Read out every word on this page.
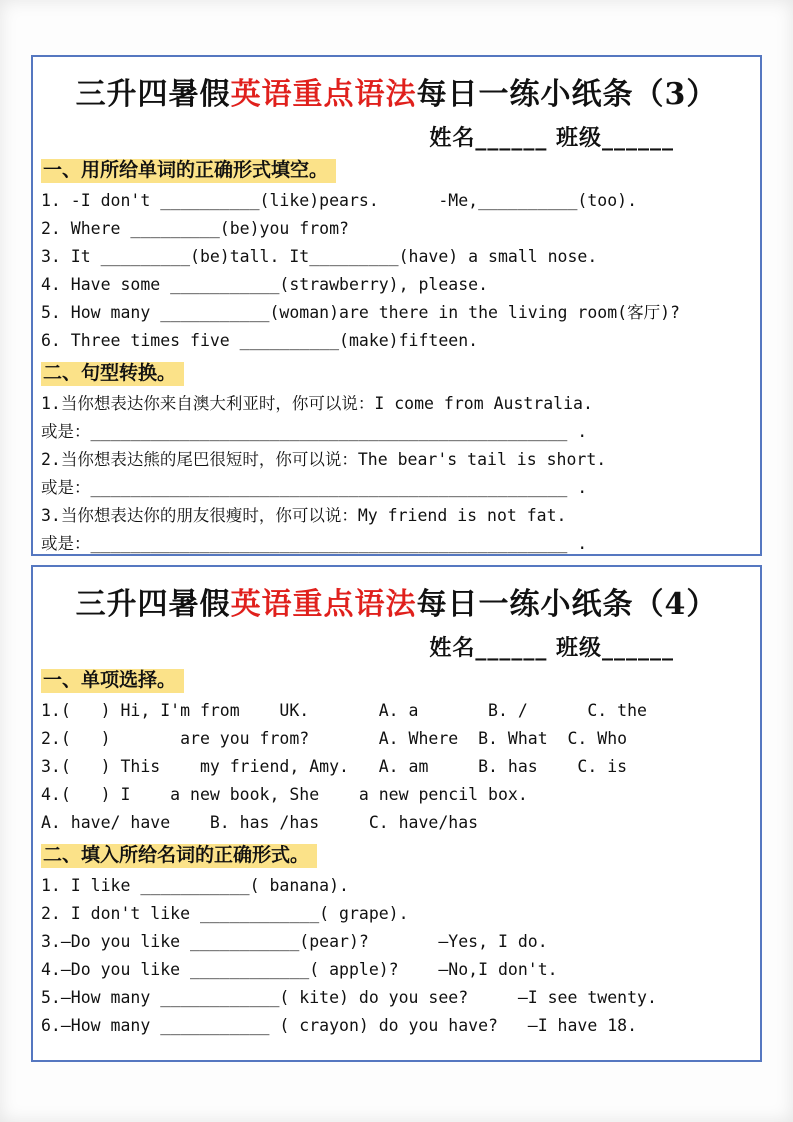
三升四暑假英语重点语法每日一练小纸条（3）
姓名______ 班级______
一、用所给单词的正确形式填空。
1. -I don't __________(like)pears.      -Me,__________(too).
2. Where _________(be)you from?
3. It _________(be)tall. It_________(have) a small nose.
4. Have some ___________(strawberry), please.
5. How many ___________(woman)are there in the living room(客厅)?
6. Three times five __________(make)fifteen.
二、句型转换。
1.当你想表达你来自澳大利亚时，你可以说：I come from Australia.
或是：________________________________________________ .
2.当你想表达熊的尾巴很短时，你可以说：The bear's tail is short.
或是：________________________________________________ .
3.当你想表达你的朋友很瘦时，你可以说：My friend is not fat.
或是：________________________________________________ .
三升四暑假英语重点语法每日一练小纸条（4）
姓名______ 班级______
一、单项选择。
1.(   ) Hi, I'm from    UK.       A. a       B. /      C. the
2.(   )       are you from?       A. Where  B. What  C. Who
3.(   ) This    my friend, Amy.   A. am     B. has    C. is
4.(   ) I    a new book, She    a new pencil box.
A. have/ have    B. has /has     C. have/has
二、填入所给名词的正确形式。
1. I like ___________( banana).
2. I don't like ____________( grape).
3.—Do you like ___________(pear)?       —Yes, I do.
4.—Do you like ____________( apple)?    —No,I don't.
5.—How many ____________( kite) do you see?     —I see twenty.
6.—How many ___________ ( crayon) do you have?   —I have 18.
